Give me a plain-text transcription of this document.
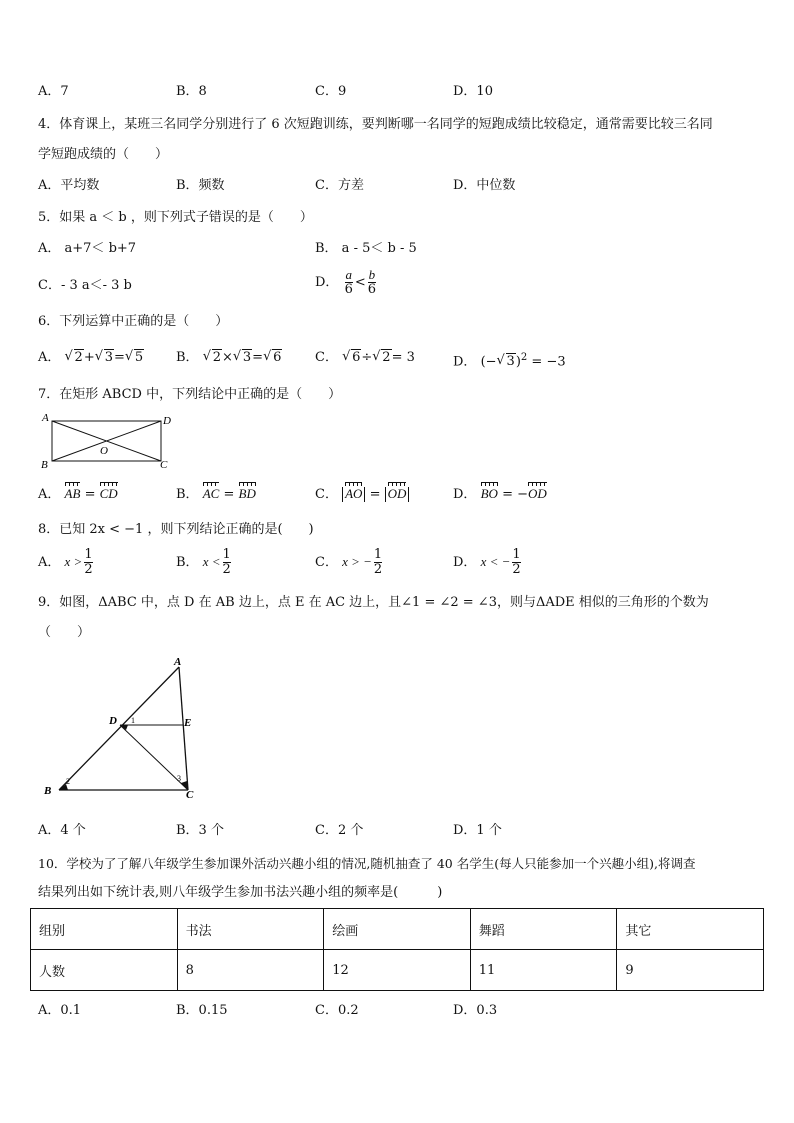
A．7	B．8	C．9	D．10
4．体育课上，某班三名同学分别进行了 6 次短跑训练，要判断哪一名同学的短跑成绩比较稳定，通常需要比较三名同
学短跑成绩的（　　）
A．平均数	B．频数	C．方差	D．中位数
5．如果 a ＜ b ，则下列式子错误的是（　　）
A． a+7＜ b+7	B． a - 5＜ b - 5
C．- 3 a＜- 3 b	D． $\frac{a}{6} < \frac{b}{6}$
6．下列运算中正确的是（　　）
A． √ 2+ √ 3= √ 5	B． √ 2× √ 3= √ 6	C． √ 6÷ √ 2= 3	D． (− √ 3)$^2$ = −3
7．在矩形 ABCD 中，下列结论中正确的是（　　）
A	D
B	C
O
A． AB = CD	B． AC = BD	C． AO = OD	D． BO = −OD
8．已知 2x < −1 ，则下列结论正确的是(　　)
A． $x > \frac{1}{2}$	B． $x < \frac{1}{2}$	C． x > − $\frac{1}{2}$	D． x < − $\frac{1}{2}$
9．如图，ΔABC 中，点 D 在 AB 边上，点 E 在 AC 边上，且∠1 = ∠2 = ∠3，则与ΔADE 相似的三角形的个数为
（　　）
A
B	C
D	E
1
2	3
A．4 个	B．3 个	C．2 个	D．1 个
10．学校为了了解八年级学生参加课外活动兴趣小组的情况,随机抽查了 40 名学生(每人只能参加一个兴趣小组),将调查
结果列出如下统计表,则八年级学生参加书法兴趣小组的频率是(　　　)
组别	书法	绘画	舞蹈	其它
人数	8	12	11	9
A．0.1	B．0.15	C．0.2	D．0.3
